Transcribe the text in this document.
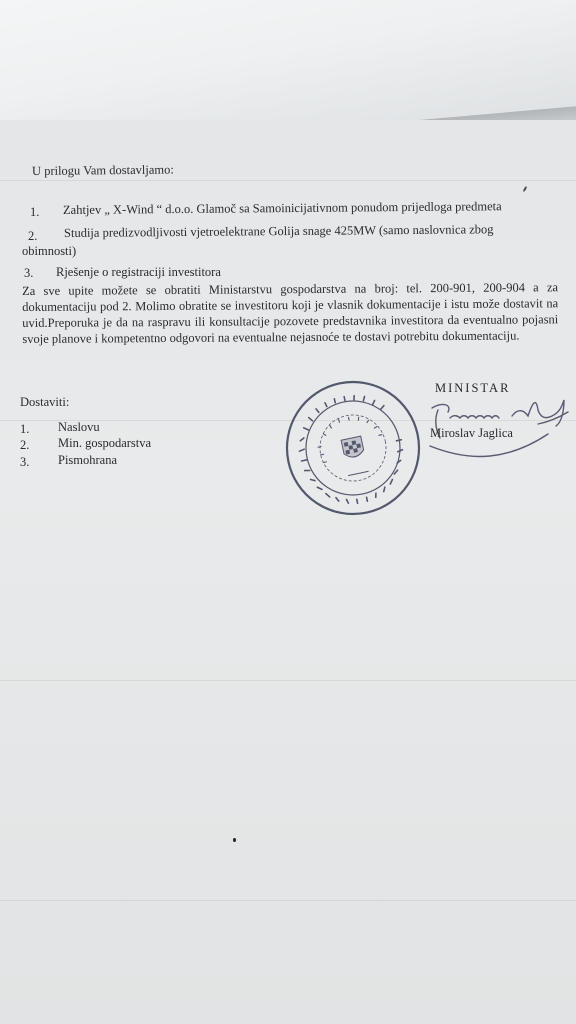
U prilogu Vam dostavljamo:
1. Zahtjev „ X-Wind “ d.o.o. Glamoč sa Samoinicijativnom ponudom prijedloga predmeta
2. Studija predizvodljivosti vjetroelektrane Golija snage 425MW (samo naslovnica zbog
obimnosti)
3. Rješenje o registraciji investitora
Za sve upite možete se obratiti Ministarstvu gospodarstva na broj: tel. 200-901, 200-904 a za dokumentaciju pod 2. Molimo obratite se investitoru koji je vlasnik dokumentacije i istu može dostavit na uvid.Preporuka je da na raspravu ili konsultacije pozovete predstavnika investitora da eventualno pojasni svoje planove i kompetentno odgovori na eventualne nejasnoće te dostavi potrebitu dokumentaciju.
Dostaviti:
1. Naslovu
2. Min. gospodarstva
3. Pismohrana
MINISTAR
Miroslav Jaglica
